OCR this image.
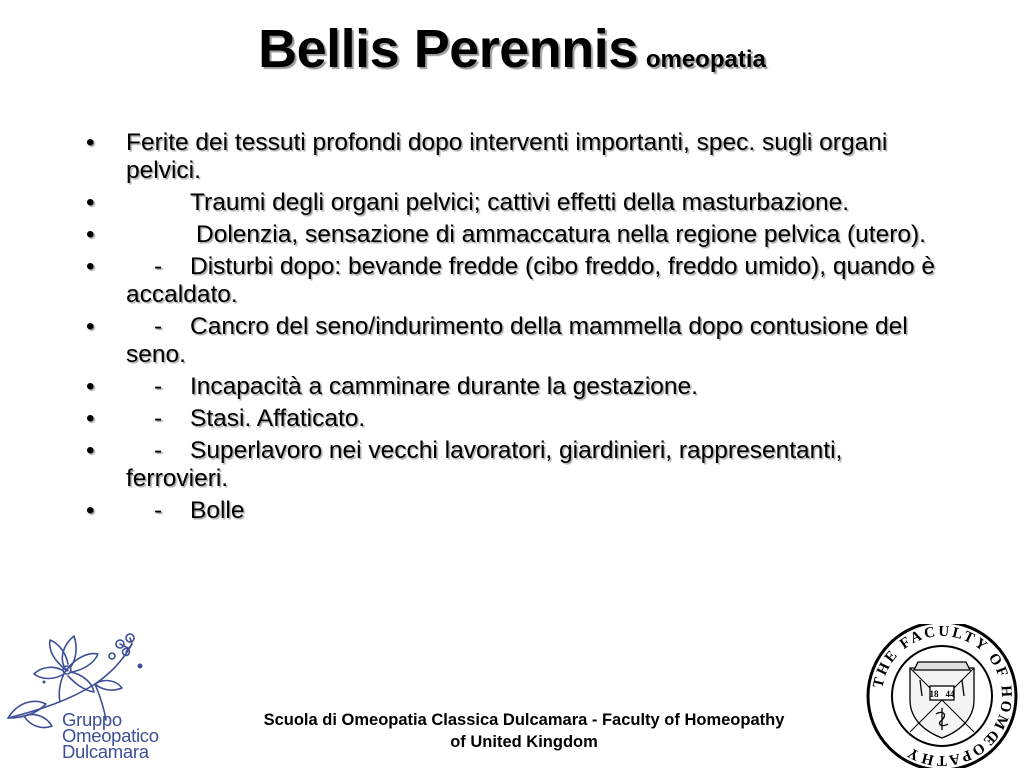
Bellis Perennis omeopatia
•	Ferite dei tessuti profondi dopo interventi importanti, spec. sugli organi pelvici.
•	Traumi degli organi pelvici; cattivi effetti della masturbazione.
•	Dolenzia, sensazione di ammaccatura nella regione pelvica (utero).
•	- Disturbi dopo: bevande fredde (cibo freddo, freddo umido), quando è accaldato.
•	- Cancro del seno/indurimento della mammella dopo contusione del seno.
•	- Incapacità a camminare durante la gestazione.
•	- Stasi. Affaticato.
•	- Superlavoro nei vecchi lavoratori, giardinieri, rappresentanti, ferrovieri.
•	- Bolle
Gruppo
Omeopatico
Dulcamara
Scuola di Omeopatia Classica Dulcamara - Faculty of Homeopathy
of United Kingdom
THE FACULTY OF HOMŒOPATHY
18 44
